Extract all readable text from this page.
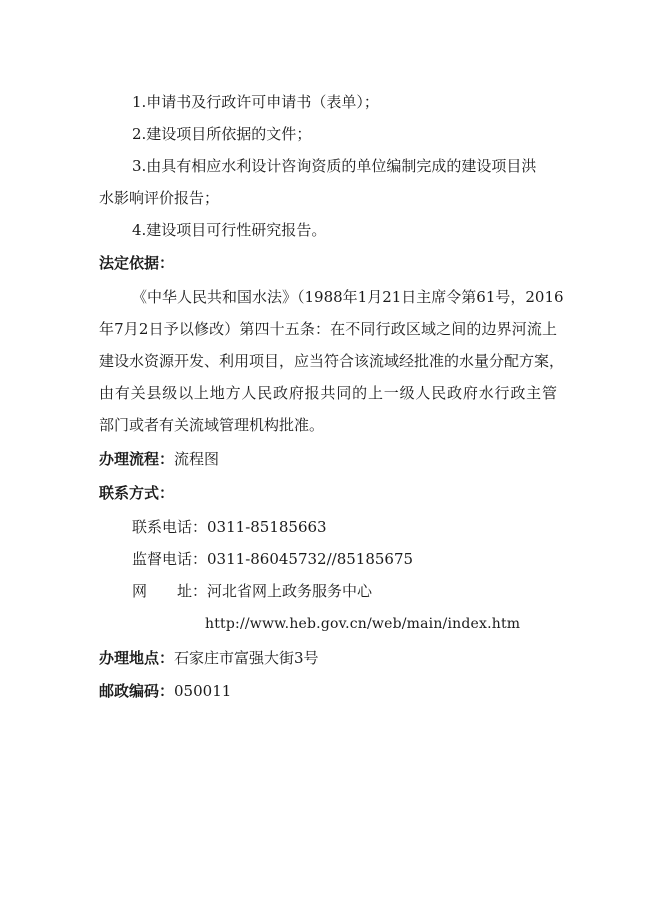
1.申请书及行政许可申请书（表单）；
2.建设项目所依据的文件；
3.由具有相应水利设计咨询资质的单位编制完成的建设项目洪
水影响评价报告；
4.建设项目可行性研究报告。
法定依据：
《中华人民共和国水法》（1988年1月21日主席令第61号，2016
年7月2日予以修改）第四十五条：在不同行政区域之间的边界河流上
建设水资源开发、利用项目，应当符合该流域经批准的水量分配方案，
由有关县级以上地方人民政府报共同的上一级人民政府水行政主管
部门或者有关流域管理机构批准。
办理流程：流程图
联系方式：
联系电话：0311-85185663
监督电话：0311-86045732//85185675
网 址：河北省网上政务服务中心
http://www.heb.gov.cn/web/main/index.htm
办理地点：石家庄市富强大街3号
邮政编码：050011
